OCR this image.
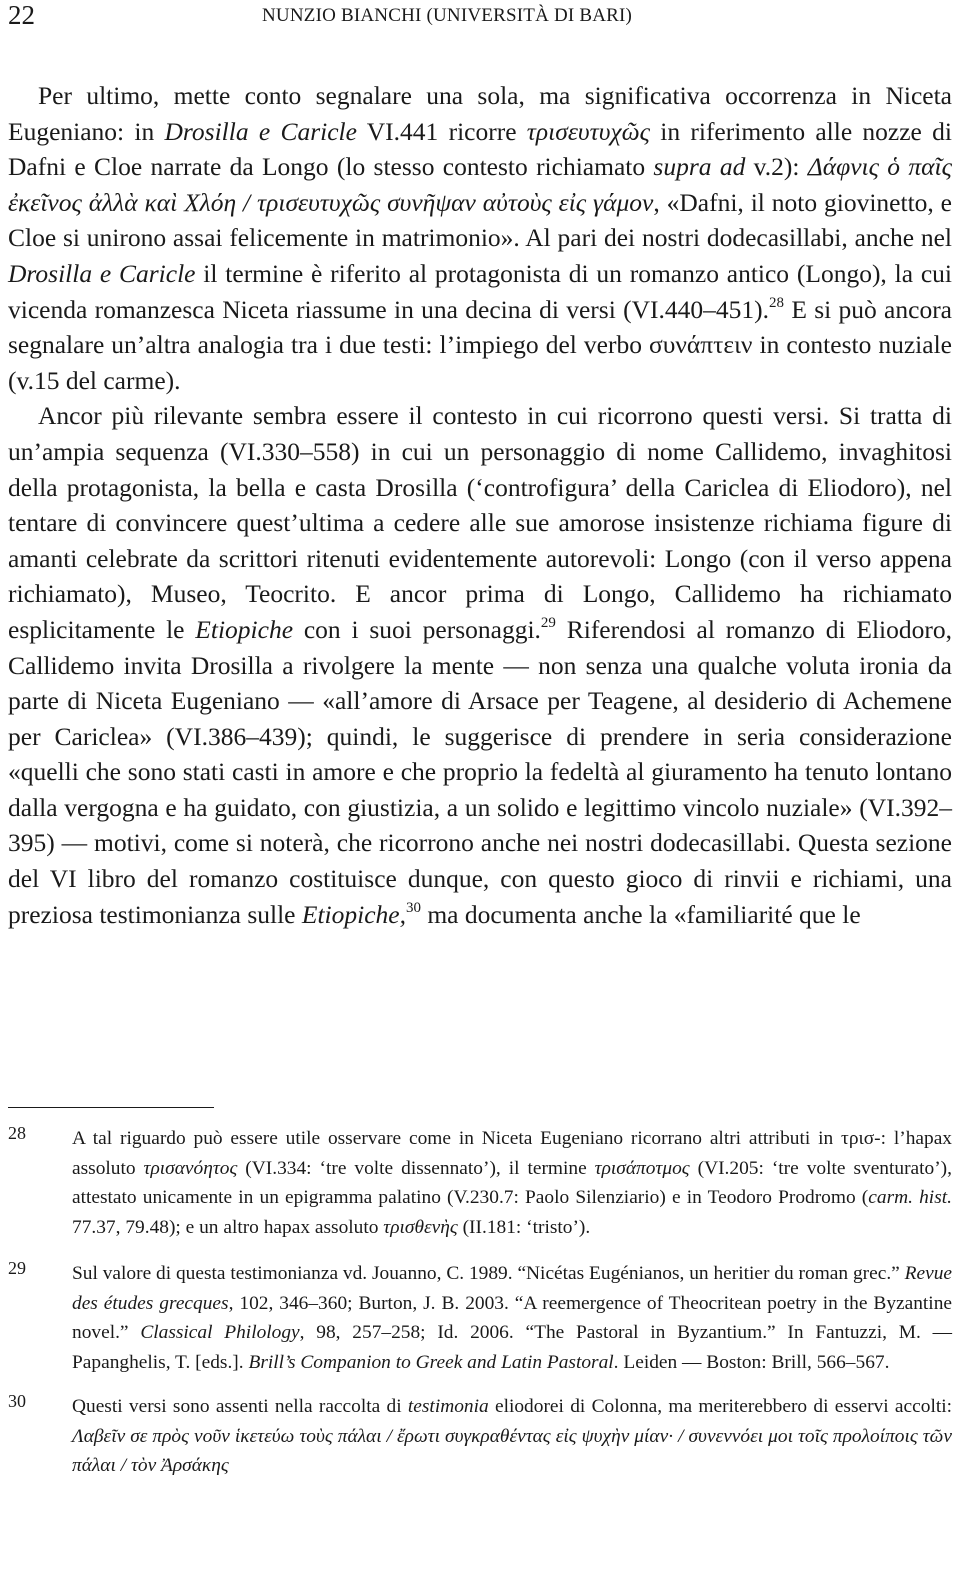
22	NUNZIO BIANCHI (UNIVERSITÀ DI BARI)

Per ultimo, mette conto segnalare una sola, ma significativa occorrenza in Niceta Eugeniano: in Drosilla e Caricle VI.441 ricorre τρισευτυχῶς in riferimento alle nozze di Dafni e Cloe narrate da Longo (lo stesso contesto richiamato supra ad v.2): Δάφνις ὁ παῖς ἐκεῖνος ἀλλὰ καὶ Χλόη / τρισευτυχῶς συνῆψαν αὐτοὺς εἰς γάμον, «Dafni, il noto giovinetto, e Cloe si unirono assai felicemente in matrimonio». Al pari dei nostri dodecasillabi, anche nel Drosilla e Caricle il termine è riferito al protagonista di un romanzo antico (Longo), la cui vicenda romanzesca Niceta riassume in una decina di versi (VI.440–451).$^{28}$ E si può ancora segnalare un’altra analogia tra i due testi: l’impiego del verbo συνάπτειν in contesto nuziale (v.15 del carme).

Ancor più rilevante sembra essere il contesto in cui ricorrono questi versi. Si tratta di un’ampia sequenza (VI.330–558) in cui un personaggio di nome Callidemo, invaghitosi della protagonista, la bella e casta Drosilla (‘controfigura’ della Cariclea di Eliodoro), nel tentare di convincere quest’ultima a cedere alle sue amorose insistenze richiama figure di amanti celebrate da scrittori ritenuti evidentemente autorevoli: Longo (con il verso appena richiamato), Museo, Teocrito. E ancor prima di Longo, Callidemo ha richiamato esplicitamente le Etiopiche con i suoi personaggi.$^{29}$ Riferendosi al romanzo di Eliodoro, Callidemo invita Drosilla a rivolgere la mente — non senza una qualche voluta ironia da parte di Niceta Eugeniano — «all’amore di Arsace per Teagene, al desiderio di Achemene per Cariclea» (VI.386–439); quindi, le suggerisce di prendere in seria considerazione «quelli che sono stati casti in amore e che proprio la fedeltà al giuramento ha tenuto lontano dalla vergogna e ha guidato, con giustizia, a un solido e legittimo vincolo nuziale» (VI.392–395) — motivi, come si noterà, che ricorrono anche nei nostri dodecasillabi. Questa sezione del VI libro del romanzo costituisce dunque, con questo gioco di rinvii e richiami, una preziosa testimonianza sulle Etiopiche,$^{30}$ ma documenta anche la «familiarité que le

28 A tal riguardo può essere utile osservare come in Niceta Eugeniano ricorrano altri attributi in τρισ-: l’hapax assoluto τρισανόητος (VI.334: ‘tre volte dissennato’), il termine τρισάποτμος (VI.205: ‘tre volte sventurato’), attestato unicamente in un epigramma palatino (V.230.7: Paolo Silenziario) e in Teodoro Prodromo (carm. hist. 77.37, 79.48); e un altro hapax assoluto τρισθενὴς (II.181: ‘tristo’).
29 Sul valore di questa testimonianza vd. Jouanno, C. 1989. “Nicétas Eugénianos, un heritier du roman grec.” Revue des études grecques, 102, 346–360; Burton, J. B. 2003. “A reemergence of Theocritean poetry in the Byzantine novel.” Classical Philology, 98, 257–258; Id. 2006. “The Pastoral in Byzantium.” In Fantuzzi, M. — Papanghelis, T. [eds.]. Brill’s Companion to Greek and Latin Pastoral. Leiden — Boston: Brill, 566–567.
30 Questi versi sono assenti nella raccolta di testimonia eliodorei di Colonna, ma meriterebbero di esservi accolti: Λαβεῖν σε πρὸς νοῦν ἱκετεύω τοὺς πάλαι / ἔρωτι συγκραθέντας εἰς ψυχὴν μίαν· / συνεννόει μοι τοῖς προλοίποις τῶν πάλαι / τὸν Ἀρσάκης
